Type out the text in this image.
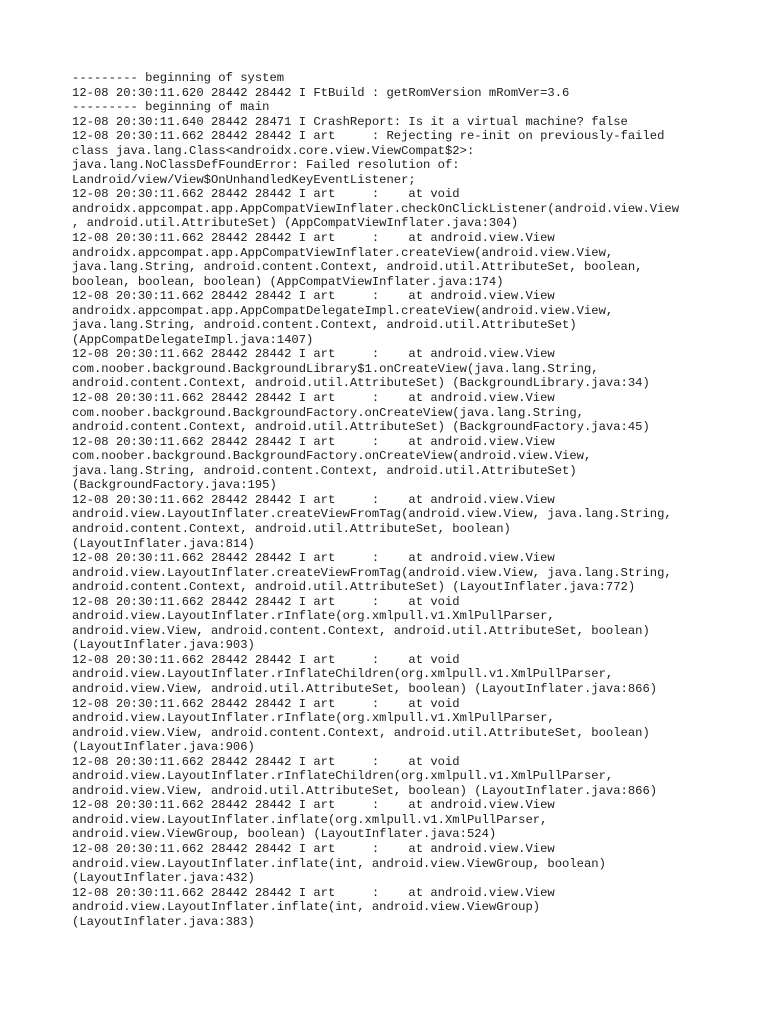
--------- beginning of system
12-08 20:30:11.620 28442 28442 I FtBuild : getRomVersion mRomVer=3.6
--------- beginning of main
12-08 20:30:11.640 28442 28471 I CrashReport: Is it a virtual machine? false
12-08 20:30:11.662 28442 28442 I art     : Rejecting re-init on previously-failed
class java.lang.Class<androidx.core.view.ViewCompat$2>:
java.lang.NoClassDefFoundError: Failed resolution of:
Landroid/view/View$OnUnhandledKeyEventListener;
12-08 20:30:11.662 28442 28442 I art     :    at void
androidx.appcompat.app.AppCompatViewInflater.checkOnClickListener(android.view.View
, android.util.AttributeSet) (AppCompatViewInflater.java:304)
12-08 20:30:11.662 28442 28442 I art     :    at android.view.View
androidx.appcompat.app.AppCompatViewInflater.createView(android.view.View,
java.lang.String, android.content.Context, android.util.AttributeSet, boolean,
boolean, boolean, boolean) (AppCompatViewInflater.java:174)
12-08 20:30:11.662 28442 28442 I art     :    at android.view.View
androidx.appcompat.app.AppCompatDelegateImpl.createView(android.view.View,
java.lang.String, android.content.Context, android.util.AttributeSet)
(AppCompatDelegateImpl.java:1407)
12-08 20:30:11.662 28442 28442 I art     :    at android.view.View
com.noober.background.BackgroundLibrary$1.onCreateView(java.lang.String,
android.content.Context, android.util.AttributeSet) (BackgroundLibrary.java:34)
12-08 20:30:11.662 28442 28442 I art     :    at android.view.View
com.noober.background.BackgroundFactory.onCreateView(java.lang.String,
android.content.Context, android.util.AttributeSet) (BackgroundFactory.java:45)
12-08 20:30:11.662 28442 28442 I art     :    at android.view.View
com.noober.background.BackgroundFactory.onCreateView(android.view.View,
java.lang.String, android.content.Context, android.util.AttributeSet)
(BackgroundFactory.java:195)
12-08 20:30:11.662 28442 28442 I art     :    at android.view.View
android.view.LayoutInflater.createViewFromTag(android.view.View, java.lang.String,
android.content.Context, android.util.AttributeSet, boolean)
(LayoutInflater.java:814)
12-08 20:30:11.662 28442 28442 I art     :    at android.view.View
android.view.LayoutInflater.createViewFromTag(android.view.View, java.lang.String,
android.content.Context, android.util.AttributeSet) (LayoutInflater.java:772)
12-08 20:30:11.662 28442 28442 I art     :    at void
android.view.LayoutInflater.rInflate(org.xmlpull.v1.XmlPullParser,
android.view.View, android.content.Context, android.util.AttributeSet, boolean)
(LayoutInflater.java:903)
12-08 20:30:11.662 28442 28442 I art     :    at void
android.view.LayoutInflater.rInflateChildren(org.xmlpull.v1.XmlPullParser,
android.view.View, android.util.AttributeSet, boolean) (LayoutInflater.java:866)
12-08 20:30:11.662 28442 28442 I art     :    at void
android.view.LayoutInflater.rInflate(org.xmlpull.v1.XmlPullParser,
android.view.View, android.content.Context, android.util.AttributeSet, boolean)
(LayoutInflater.java:906)
12-08 20:30:11.662 28442 28442 I art     :    at void
android.view.LayoutInflater.rInflateChildren(org.xmlpull.v1.XmlPullParser,
android.view.View, android.util.AttributeSet, boolean) (LayoutInflater.java:866)
12-08 20:30:11.662 28442 28442 I art     :    at android.view.View
android.view.LayoutInflater.inflate(org.xmlpull.v1.XmlPullParser,
android.view.ViewGroup, boolean) (LayoutInflater.java:524)
12-08 20:30:11.662 28442 28442 I art     :    at android.view.View
android.view.LayoutInflater.inflate(int, android.view.ViewGroup, boolean)
(LayoutInflater.java:432)
12-08 20:30:11.662 28442 28442 I art     :    at android.view.View
android.view.LayoutInflater.inflate(int, android.view.ViewGroup)
(LayoutInflater.java:383)
